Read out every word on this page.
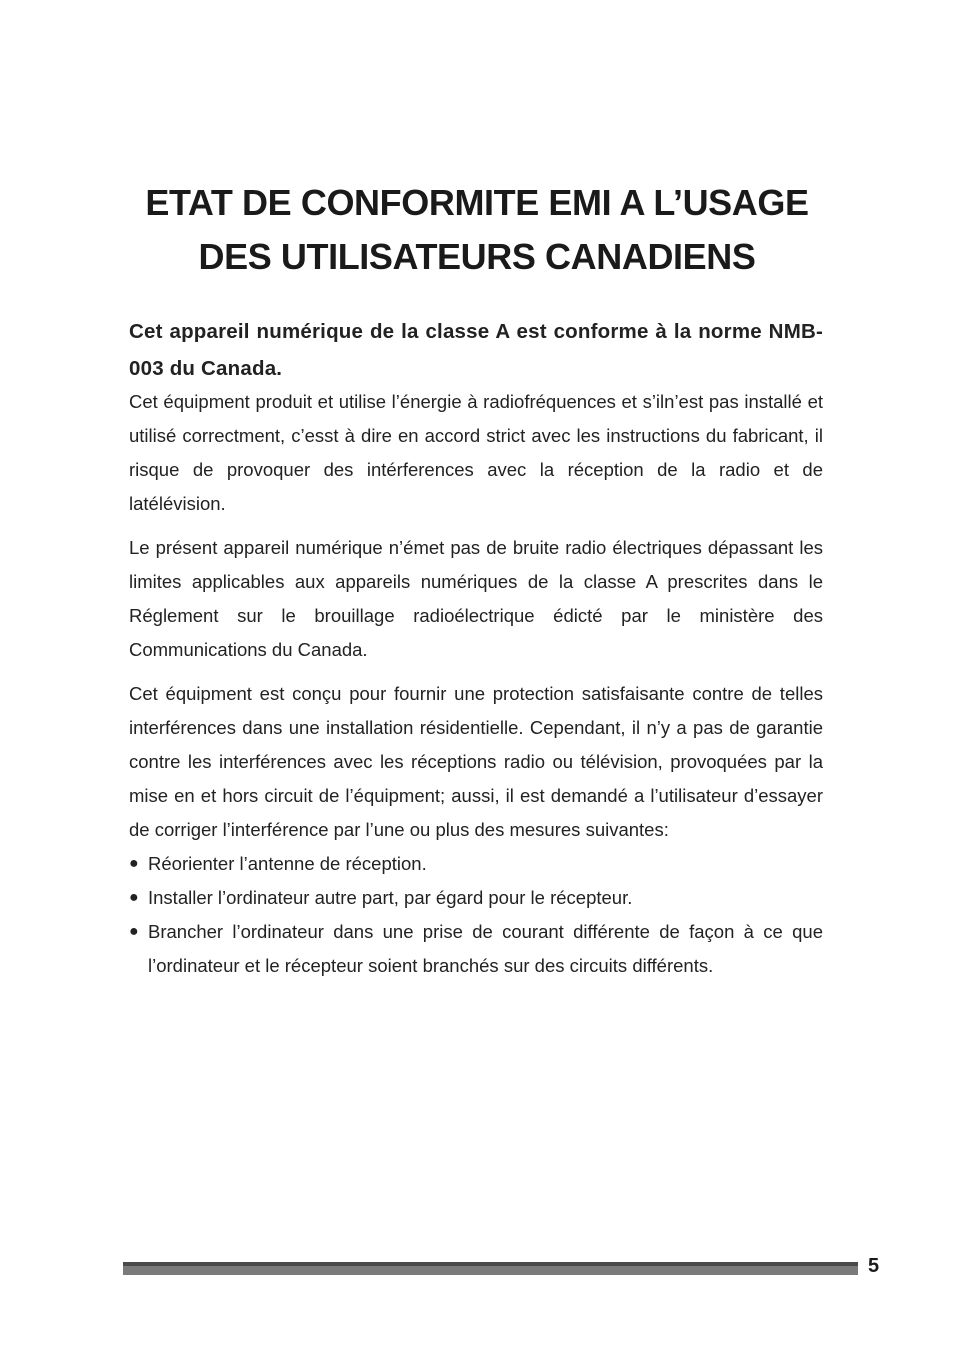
ETAT DE CONFORMITE EMI A L’USAGE
DES UTILISATEURS CANADIENS

Cet appareil numérique de la classe A est conforme à la norme NMB-003 du Canada.

Cet équipment produit et utilise l’énergie à radiofréquences et s’iln’est pas installé et utilisé correctment, c’esst à dire en accord strict avec les instructions du fabricant, il risque de provoquer des intérferences avec la réception de la radio et de latélévision.

Le présent appareil numérique n’émet pas de bruite radio électriques dépassant les limites applicables aux appareils numériques de la classe A prescrites dans le Réglement sur le brouillage radioélectrique édicté par le ministère des Communications du Canada.

Cet équipment est conçu pour fournir une protection satisfaisante contre de telles interférences dans une installation résidentielle. Cependant, il n’y a pas de garantie contre les interférences avec les réceptions radio ou télévision, provoquées par la mise en et hors circuit de l’équipment; aussi, il est demandé a l’utilisateur d’essayer de corriger l’interférence par l’une ou plus des mesures suivantes:

● Réorienter l’antenne de réception.
● Installer l’ordinateur autre part, par égard pour le récepteur.
● Brancher l’ordinateur dans une prise de courant différente de façon à ce que l’ordinateur et le récepteur soient branchés sur des circuits différents.
5
